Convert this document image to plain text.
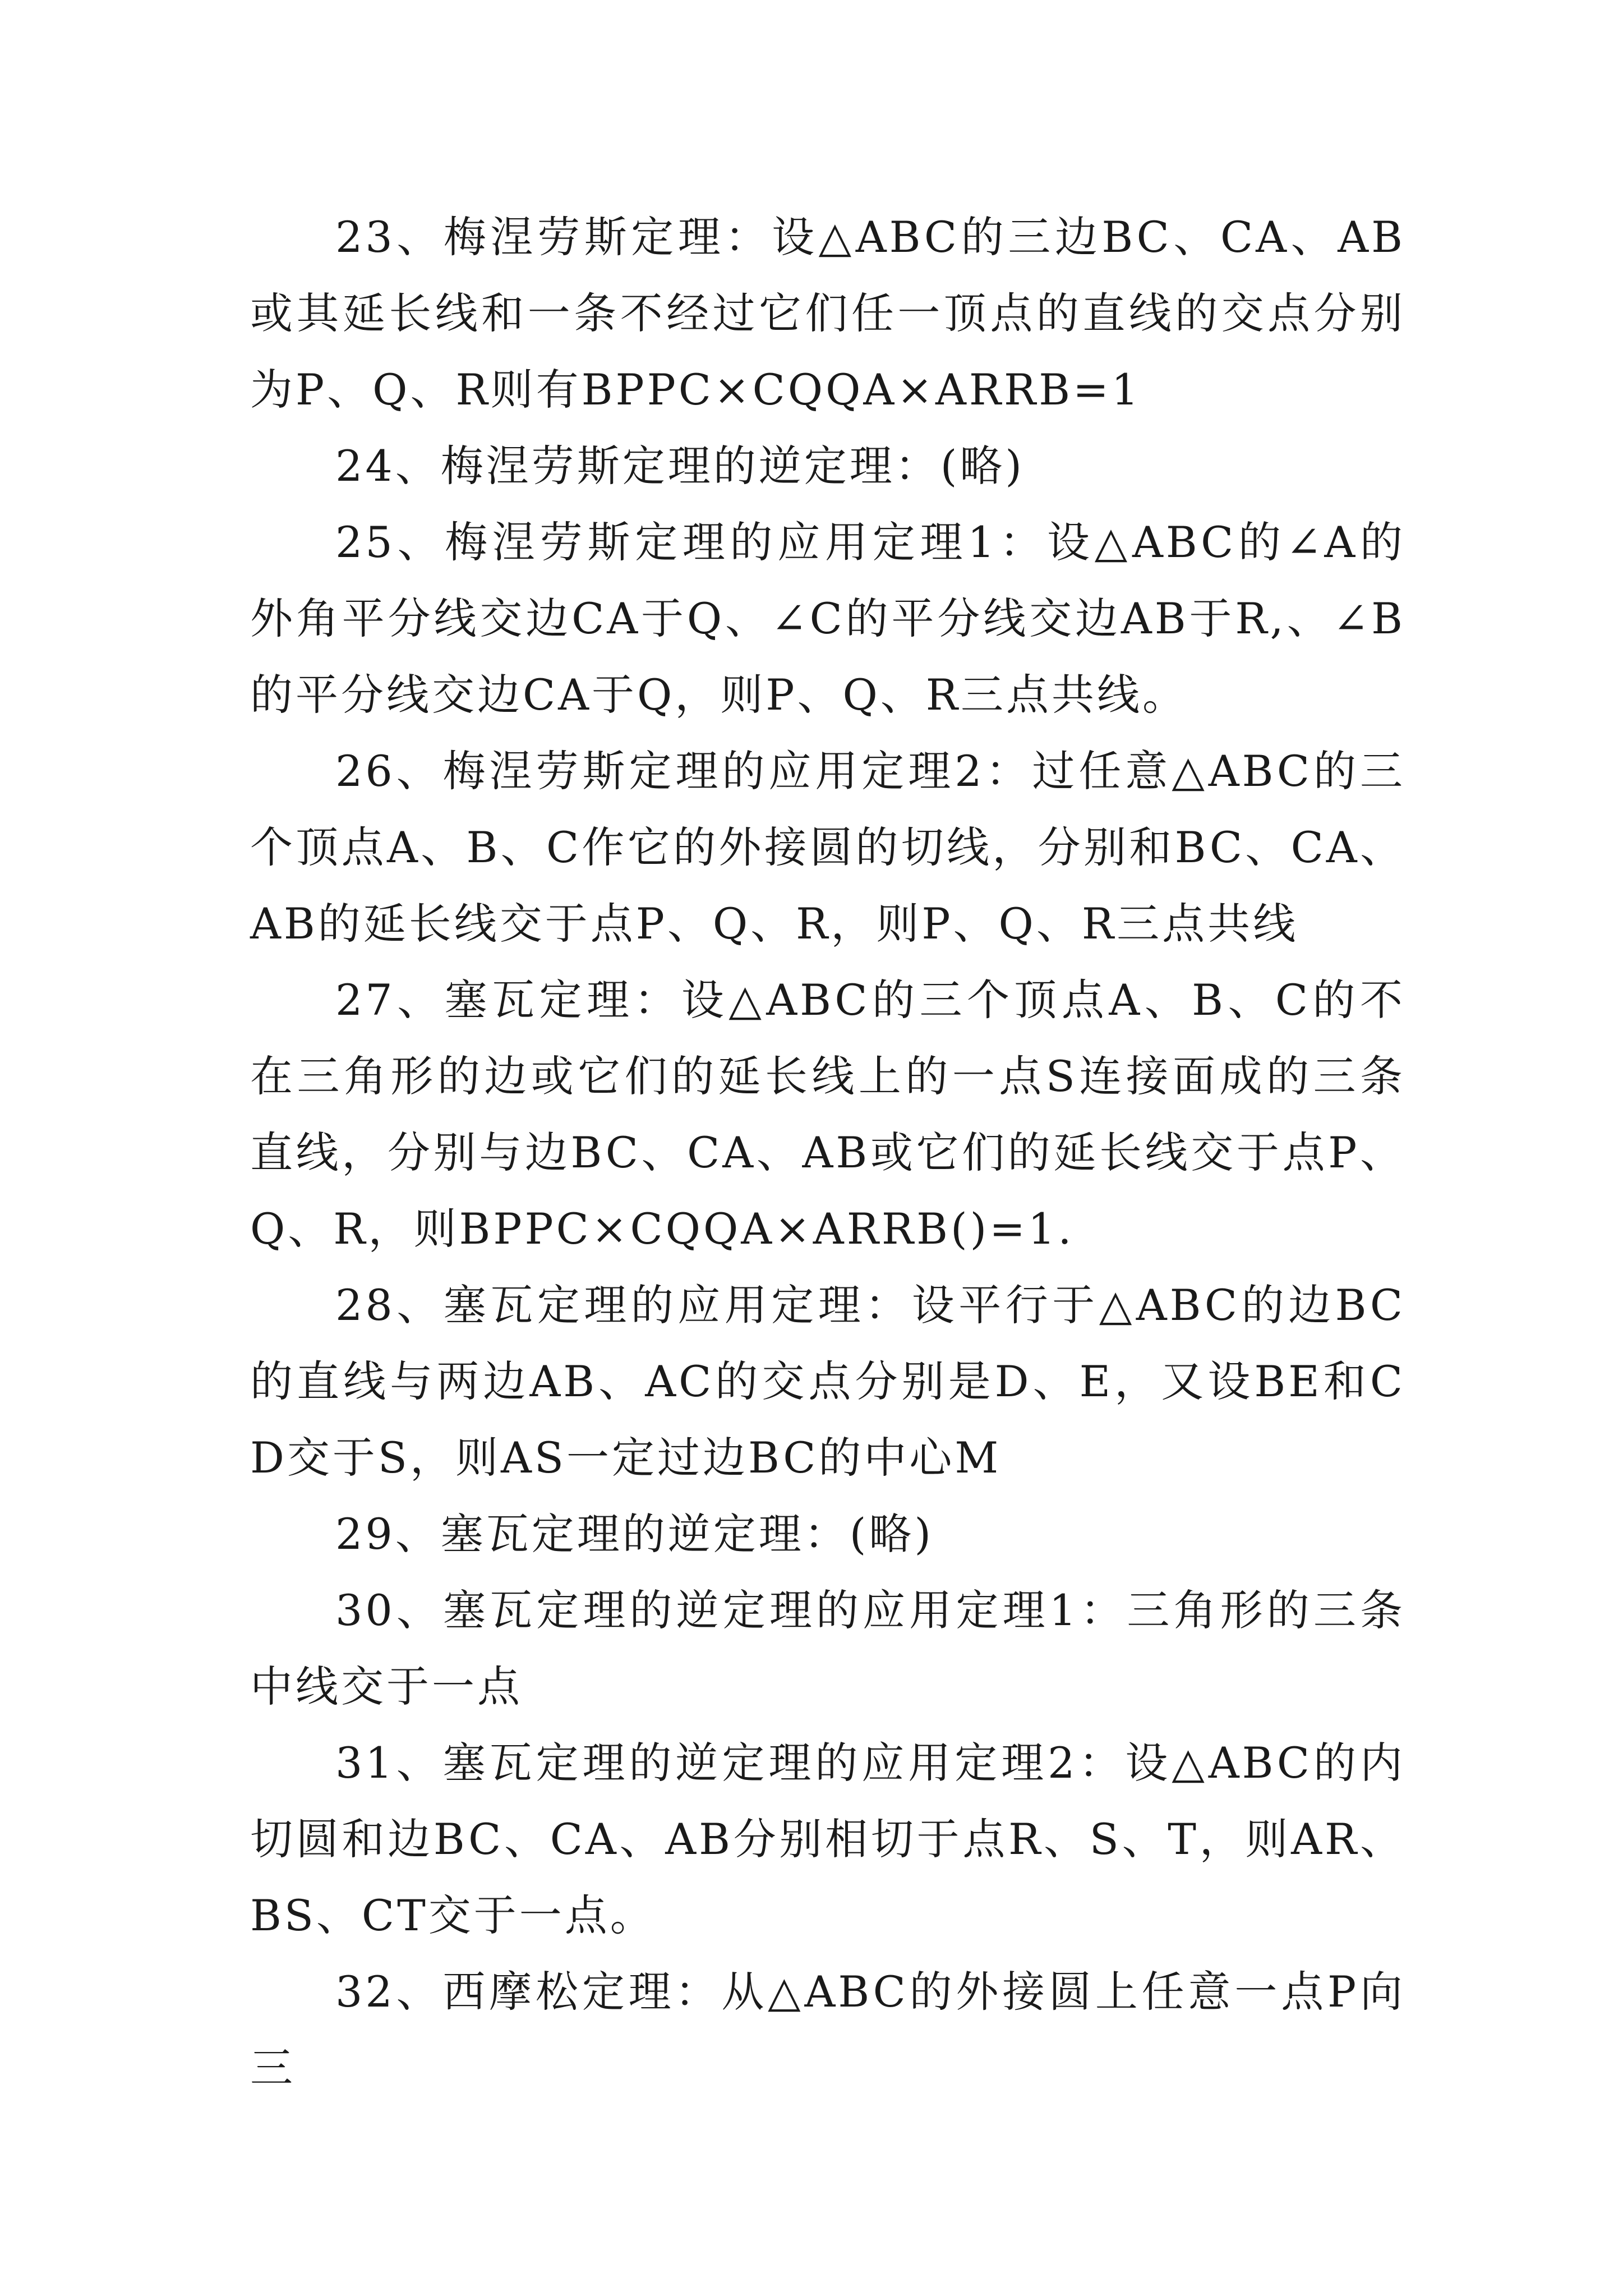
23、梅涅劳斯定理：设△ABC的三边BC、CA、AB或其延长线和一条不经过它们任一顶点的直线的交点分别为P、Q、R则有BPPC×CQQA×ARRB=1

24、梅涅劳斯定理的逆定理：(略)

25、梅涅劳斯定理的应用定理1：设△ABC的∠A的外角平分线交边CA于Q、∠C的平分线交边AB于R,、∠B的平分线交边CA于Q，则P、Q、R三点共线。

26、梅涅劳斯定理的应用定理2：过任意△ABC的三个顶点A、B、C作它的外接圆的切线，分别和BC、CA、AB的延长线交于点P、Q、R，则P、Q、R三点共线

27、塞瓦定理：设△ABC的三个顶点A、B、C的不在三角形的边或它们的延长线上的一点S连接面成的三条直线，分别与边BC、CA、AB或它们的延长线交于点P、Q、R，则BPPC×CQQA×ARRB()=1.

28、塞瓦定理的应用定理：设平行于△ABC的边BC的直线与两边AB、AC的交点分别是D、E，又设BE和CD交于S，则AS一定过边BC的中心M

29、塞瓦定理的逆定理：(略)

30、塞瓦定理的逆定理的应用定理1：三角形的三条中线交于一点

31、塞瓦定理的逆定理的应用定理2：设△ABC的内切圆和边BC、CA、AB分别相切于点R、S、T，则AR、BS、CT交于一点。

32、西摩松定理：从△ABC的外接圆上任意一点P向三
